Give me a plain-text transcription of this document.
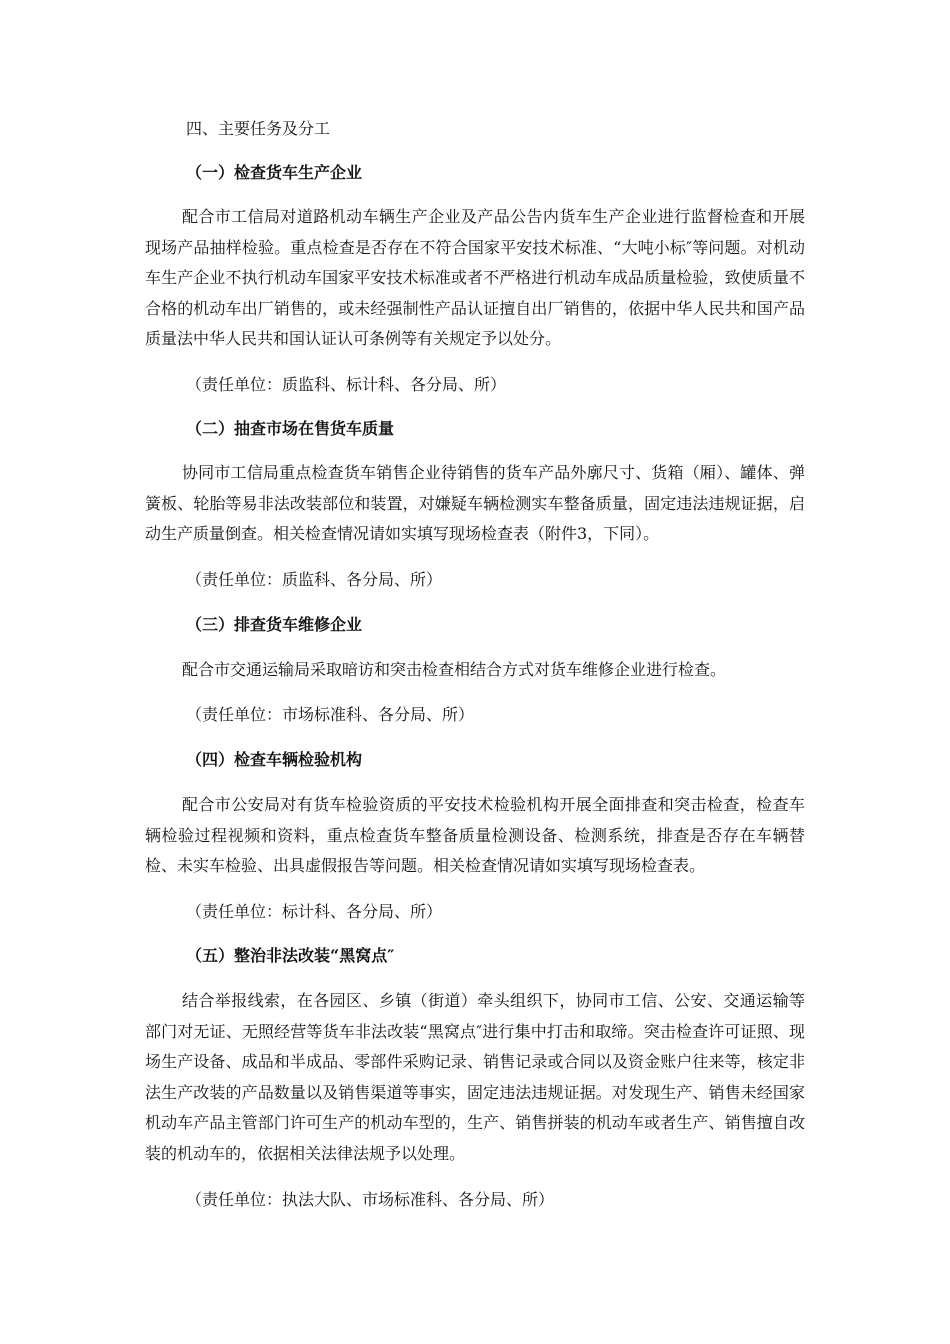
四、主要任务及分工
（一）检查货车生产企业

配合市工信局对道路机动车辆生产企业及产品公告内货车生产企业进行监督检查和开展现场产品抽样检验。重点检查是否存在不符合国家平安技术标准、“大吨小标″等问题。对机动车生产企业不执行机动车国家平安技术标准或者不严格进行机动车成品质量检验，致使质量不合格的机动车出厂销售的，或未经强制性产品认证擅自出厂销售的，依据中华人民共和国产品质量法中华人民共和国认证认可条例等有关规定予以处分。

（责任单位：质监科、标计科、各分局、所）

（二）抽查市场在售货车质量

协同市工信局重点检查货车销售企业待销售的货车产品外廓尺寸、货箱（厢）、罐体、弹簧板、轮胎等易非法改装部位和装置，对嫌疑车辆检测实车整备质量，固定违法违规证据，启动生产质量倒查。相关检查情况请如实填写现场检查表（附件3，下同）。

（责任单位：质监科、各分局、所）

（三）排查货车维修企业

配合市交通运输局采取暗访和突击检查相结合方式对货车维修企业进行检查。

（责任单位：市场标准科、各分局、所）

（四）检查车辆检验机构

配合市公安局对有货车检验资质的平安技术检验机构开展全面排查和突击检查，检查车辆检验过程视频和资料，重点检查货车整备质量检测设备、检测系统，排查是否存在车辆替检、未实车检验、出具虚假报告等问题。相关检查情况请如实填写现场检查表。

（责任单位：标计科、各分局、所）

（五）整治非法改装“黑窝点″

结合举报线索，在各园区、乡镇（街道）牵头组织下，协同市工信、公安、交通运输等部门对无证、无照经营等货车非法改装“黑窝点″进行集中打击和取缔。突击检查许可证照、现场生产设备、成品和半成品、零部件采购记录、销售记录或合同以及资金账户往来等，核定非法生产改装的产品数量以及销售渠道等事实，固定违法违规证据。对发现生产、销售未经国家机动车产品主管部门许可生产的机动车型的，生产、销售拼装的机动车或者生产、销售擅自改装的机动车的，依据相关法律法规予以处理。

（责任单位：执法大队、市场标准科、各分局、所）
